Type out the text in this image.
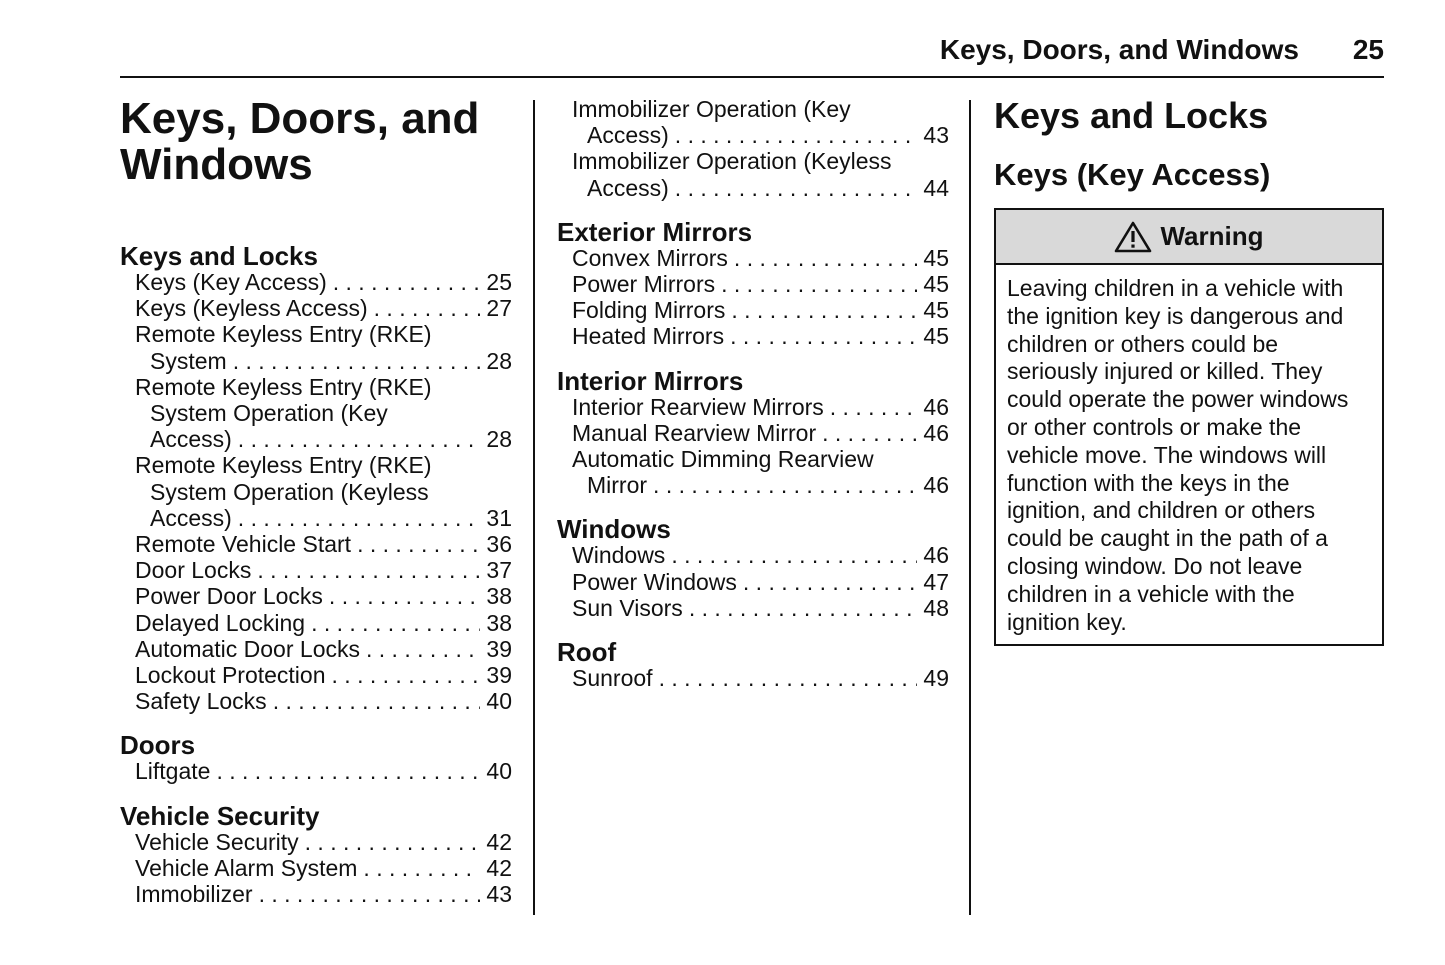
Keys, Doors, and Windows 25
Keys, Doors, and
Windows
Keys and Locks
Keys (Key Access) . . .	25
Keys (Keyless Access) . . .	27
Remote Keyless Entry (RKE)
System . . .	28
Remote Keyless Entry (RKE)
System Operation (Key
Access) . . .	28
Remote Keyless Entry (RKE)
System Operation (Keyless
Access) . . .	31
Remote Vehicle Start . . .	36
Door Locks . . .	37
Power Door Locks . . .	38
Delayed Locking . . .	38
Automatic Door Locks . . .	39
Lockout Protection . . .	39
Safety Locks . . .	40
Doors
Liftgate . . .	40
Vehicle Security
Vehicle Security . . .	42
Vehicle Alarm System . . .	42
Immobilizer . . .	43
Immobilizer Operation (Key
Access) . . .	43
Immobilizer Operation (Keyless
Access) . . .	44
Exterior Mirrors
Convex Mirrors . . .	45
Power Mirrors . . .	45
Folding Mirrors . . .	45
Heated Mirrors . . .	45
Interior Mirrors
Interior Rearview Mirrors . . .	46
Manual Rearview Mirror . . .	46
Automatic Dimming Rearview
Mirror . . .	46
Windows
Windows . . .	46
Power Windows . . .	47
Sun Visors . . .	48
Roof
Sunroof . . .	49
Keys and Locks
Keys (Key Access)
Warning
Leaving children in a vehicle with
the ignition key is dangerous and
children or others could be
seriously injured or killed. They
could operate the power windows
or other controls or make the
vehicle move. The windows will
function with the keys in the
ignition, and children or others
could be caught in the path of a
closing window. Do not leave
children in a vehicle with the
ignition key.
